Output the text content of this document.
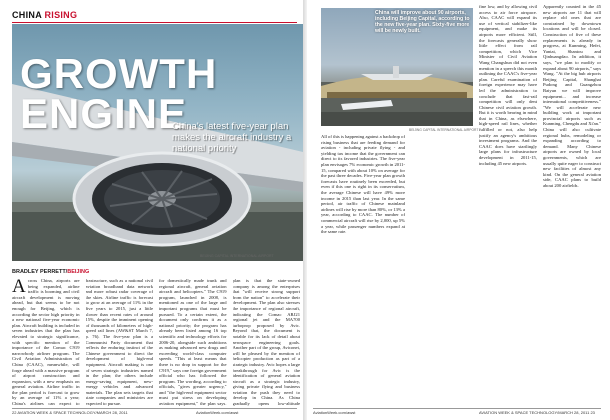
CHINA RISING
GROWTH
ENGINE
China's latest five-year plan makes the aircraft industry a national priority
BEIJING CAPITAL INTERNATIONAL AIRPORT
BRADLEY PERRETT/BEIJING
Across China, airports are being expanded, airline traffic is booming and civil aircraft development is moving ahead, but that seems to be not enough for Beijing, which is according the sector high priority in a new national five-year economic plan. Aircraft building is included in seven industries that the plan has elevated to strategic significance, with specific mention of the importance of the Comac C919 narrowbody airliner program. The Civil Aviation Administration of China (CAAC), meanwhile, will forge ahead with a massive program of airport construction and expansion, with a new emphasis on general aviation. Airline traffic in the plan period is forecast to grow by an average of 11% a year; China's airlines can expect to
frastructure, such as a national civil aviation broadband data network and more robust radar coverage of the skies. Airline traffic is forecast to grow at an average of 11% in the five years to 2015, just a little slower than recent rates of around 15%, despite the imminent opening of thousands of kilometers of high-speed rail lines (AW&ST March 7, p. 76). The five-year plan is a Communist Party document that reflects the enduring instinct of the Chinese government to direct the development of high-end equipment. Aircraft making is one of seven strategic industries named in the plan; the others include energy-saving equipment, new-energy vehicles and advanced materials. The plan sets targets that state companies and ministries are expected to pursue.
for domestically made trunk and regional aircraft, general aviation aircraft and helicopters." The C919 program, launched in 2008, is mentioned as one of the large and important programs that must be pursued. To a certain extent, the document only confirms it as a national priority; the program has already been listed among 16 top scientific and technology efforts for 2006-20, alongside such ambitions as making advanced new drugs and exceeding world-class computer speeds. "This at least means that there is no drop in support for the C919," says one foreign government official who has followed the program. The wording, according to officials, "gives greater urgency," and "the high-end equipment sector must put stress on developing aviation equipment," the plan says.
plan is that the state-owned company is among the enterprises that "will receive strong support from the nation" to accelerate their development. The plan also stresses the importance of regional aircraft, indicating the Comac ARJ21 regional jet and the MA700 turboprop proposed by Avic. Beyond that, the document is notable for its lack of detail about aerospace engineering goals. Another part of the group, Aviconet, will be pleased by the mention of helicopter production as part of a strategic industry. Avic hopes a large breakthrough for Avic is the identification of general aviation aircraft as a strategic industry, giving private flying and business aviation the push they need to develop in China. As China gradually opens low-altitude
22 AVIATION WEEK & SPACE TECHNOLOGY/MARCH 28, 2011	AviationWeek.com/awst
China will improve about 90 airports, including Beijing Capital, according to the new five-year plan. Sixty-five more will be newly built.
BEIJING CAPITAL INTERNATIONAL AIRPORT
All of this is happening against a backdrop of rising business that are feeding demand for aviation - including private flying - and yielding tax income that the government can direct to its favored industries. The five-year plan envisages 7% economic growth in 2011-15, compared with about 10% on average for the past three decades. Five-year plan growth forecasts have routinely been exceeded, but even if this one is right in its conservatism, the average Chinese will have 49% more income in 2015 than last year. In the same period, air traffic of Chinese mainland airlines will rise by more than 80%, or 13% a year, according to CAAC. The number of commercial aircraft will rise by 2,000, up 5% a year, while passenger numbers expand at the same rate.
fine low, and by allowing civil access to air force airspace. Also, CAAC will expand its use of vertical stabilizer-like equipment, and make its airports more efficient. Still, the forecasts generally show little effect from rail competition, which Vice Minister of Civil Aviation Wang Changshun did not even mention in a speech this month outlining the CAAC's five-year plan. Careful examination of foreign experience may have led the administration to conclude that fast-rail competition will only dent Chinese civil aviation growth. But it is worth bearing in mind that in China, as elsewhere, high-speed rail lines, whether fulfilled or not, also help justify an agency's ambitious investment programs. And the CAAC does have startlingly large plans for infrastructure development in 2011-15, including 45 new airports.
Apparently counted in the 45 new airports are 11 that will replace old ones that are constrained by downtown locations and will be closed. Construction of five of these replacements is already in progress, at Kunming, Hefei, Yantai, Shantou and Qinhuangdao. In addition, it says, "we plan to modify or expand about 90 airports," says Wang. "At the big hub airports Beijing Capital, Shanghai Pudong and Guangzhou Baiyun we will improve equipment... and increase international competitiveness." "We will accelerate new building work at important provincial airports such as Kunming, Chengdu and Xi'an." China will also cultivate regional hubs, remodeling or expanding according to demand. Many Chinese airports are owned by local governments, which are usually quite eager to construct new facilities of almost any kind. On the general aviation side, CAAC plans to build about 200 airfields.
AviationWeek.com/awst	AVIATION WEEK & SPACE TECHNOLOGY/MARCH 28, 2011 23
